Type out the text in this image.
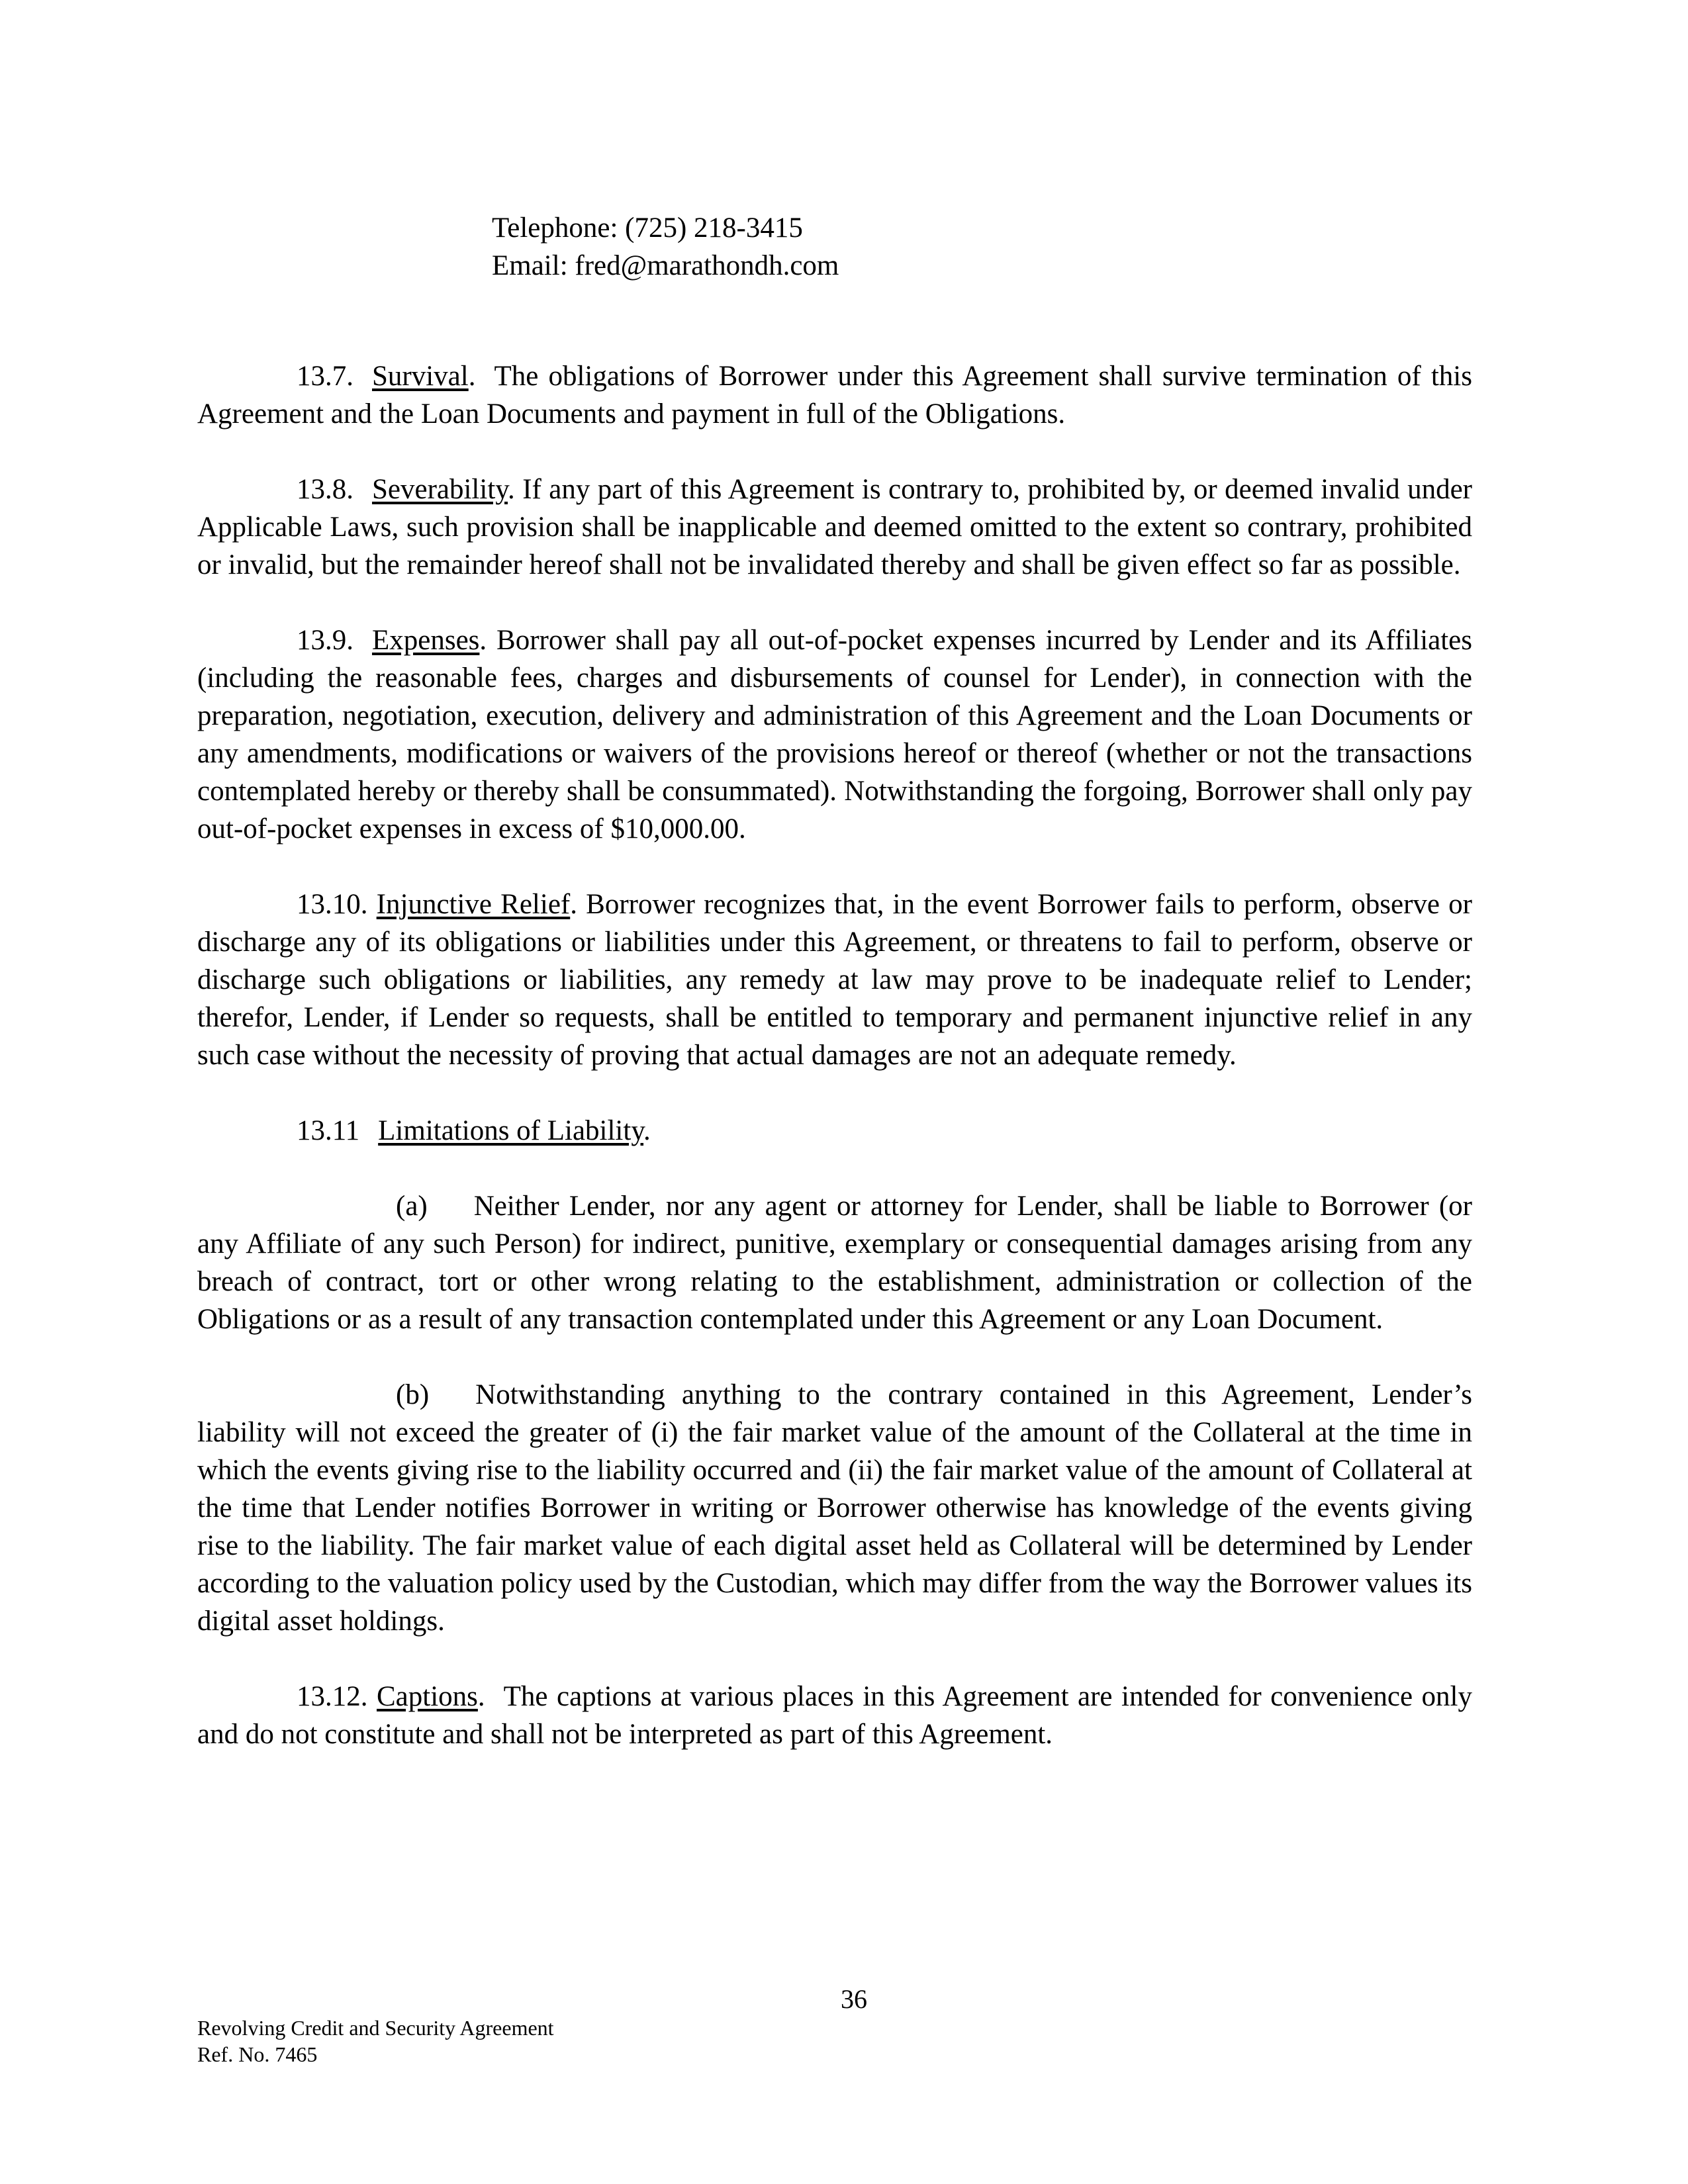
Telephone: (725) 218-3415
Email: fred@marathondh.com

13.7. Survival. The obligations of Borrower under this Agreement shall survive termination of this Agreement and the Loan Documents and payment in full of the Obligations.

13.8. Severability. If any part of this Agreement is contrary to, prohibited by, or deemed invalid under Applicable Laws, such provision shall be inapplicable and deemed omitted to the extent so contrary, prohibited or invalid, but the remainder hereof shall not be invalidated thereby and shall be given effect so far as possible.

13.9. Expenses. Borrower shall pay all out-of-pocket expenses incurred by Lender and its Affiliates (including the reasonable fees, charges and disbursements of counsel for Lender), in connection with the preparation, negotiation, execution, delivery and administration of this Agreement and the Loan Documents or any amendments, modifications or waivers of the provisions hereof or thereof (whether or not the transactions contemplated hereby or thereby shall be consummated). Notwithstanding the forgoing, Borrower shall only pay out-of-pocket expenses in excess of $10,000.00.

13.10. Injunctive Relief. Borrower recognizes that, in the event Borrower fails to perform, observe or discharge any of its obligations or liabilities under this Agreement, or threatens to fail to perform, observe or discharge such obligations or liabilities, any remedy at law may prove to be inadequate relief to Lender; therefor, Lender, if Lender so requests, shall be entitled to temporary and permanent injunctive relief in any such case without the necessity of proving that actual damages are not an adequate remedy.

13.11 Limitations of Liability.

(a) Neither Lender, nor any agent or attorney for Lender, shall be liable to Borrower (or any Affiliate of any such Person) for indirect, punitive, exemplary or consequential damages arising from any breach of contract, tort or other wrong relating to the establishment, administration or collection of the Obligations or as a result of any transaction contemplated under this Agreement or any Loan Document.

(b) Notwithstanding anything to the contrary contained in this Agreement, Lender’s liability will not exceed the greater of (i) the fair market value of the amount of the Collateral at the time in which the events giving rise to the liability occurred and (ii) the fair market value of the amount of Collateral at the time that Lender notifies Borrower in writing or Borrower otherwise has knowledge of the events giving rise to the liability. The fair market value of each digital asset held as Collateral will be determined by Lender according to the valuation policy used by the Custodian, which may differ from the way the Borrower values its digital asset holdings.

13.12. Captions. The captions at various places in this Agreement are intended for convenience only and do not constitute and shall not be interpreted as part of this Agreement.

36
Revolving Credit and Security Agreement
Ref. No. 7465
